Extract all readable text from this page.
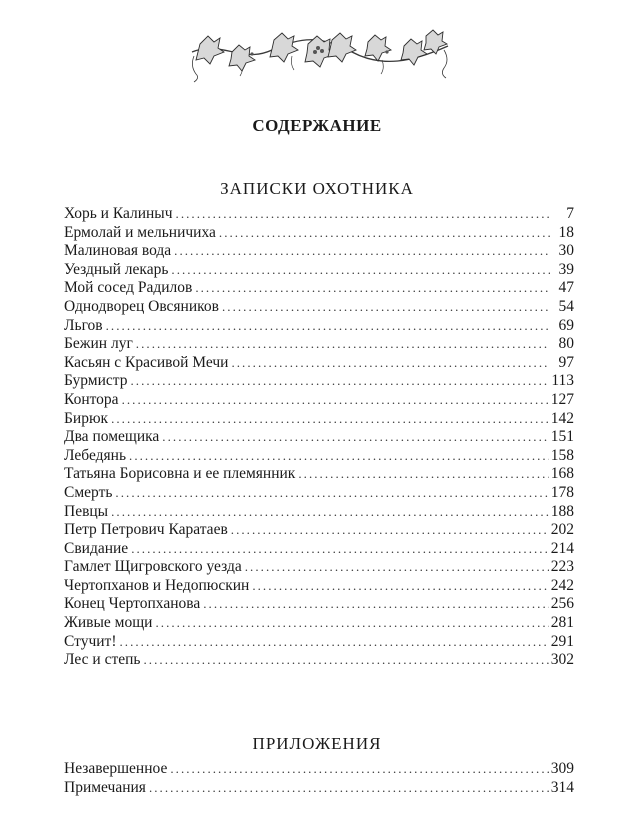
СОДЕРЖАНИЕ
ЗАПИСКИ ОХОТНИКА
Хорь и Калиныч . . .	7
Ермолай и мельничиха . . .	18
Малиновая вода . . .	30
Уездный лекарь . . .	39
Мой сосед Радилов . . .	47
Однодворец Овсяников . . .	54
Льгов . . .	69
Бежин луг . . .	80
Касьян с Красивой Мечи . . .	97
Бурмистр . . .	113
Контора . . .	127
Бирюк . . .	142
Два помещика . . .	151
Лебедянь . . .	158
Татьяна Борисовна и ее племянник . . .	168
Смерть . . .	178
Певцы . . .	188
Петр Петрович Каратаев . . .	202
Свидание . . .	214
Гамлет Щигровского уезда . . .	223
Чертопханов и Недопюскин . . .	242
Конец Чертопханова . . .	256
Живые мощи . . .	281
Стучит! . . .	291
Лес и степь . . .	302
ПРИЛОЖЕНИЯ
Незавершенное . . .	309
Примечания . . .	314
